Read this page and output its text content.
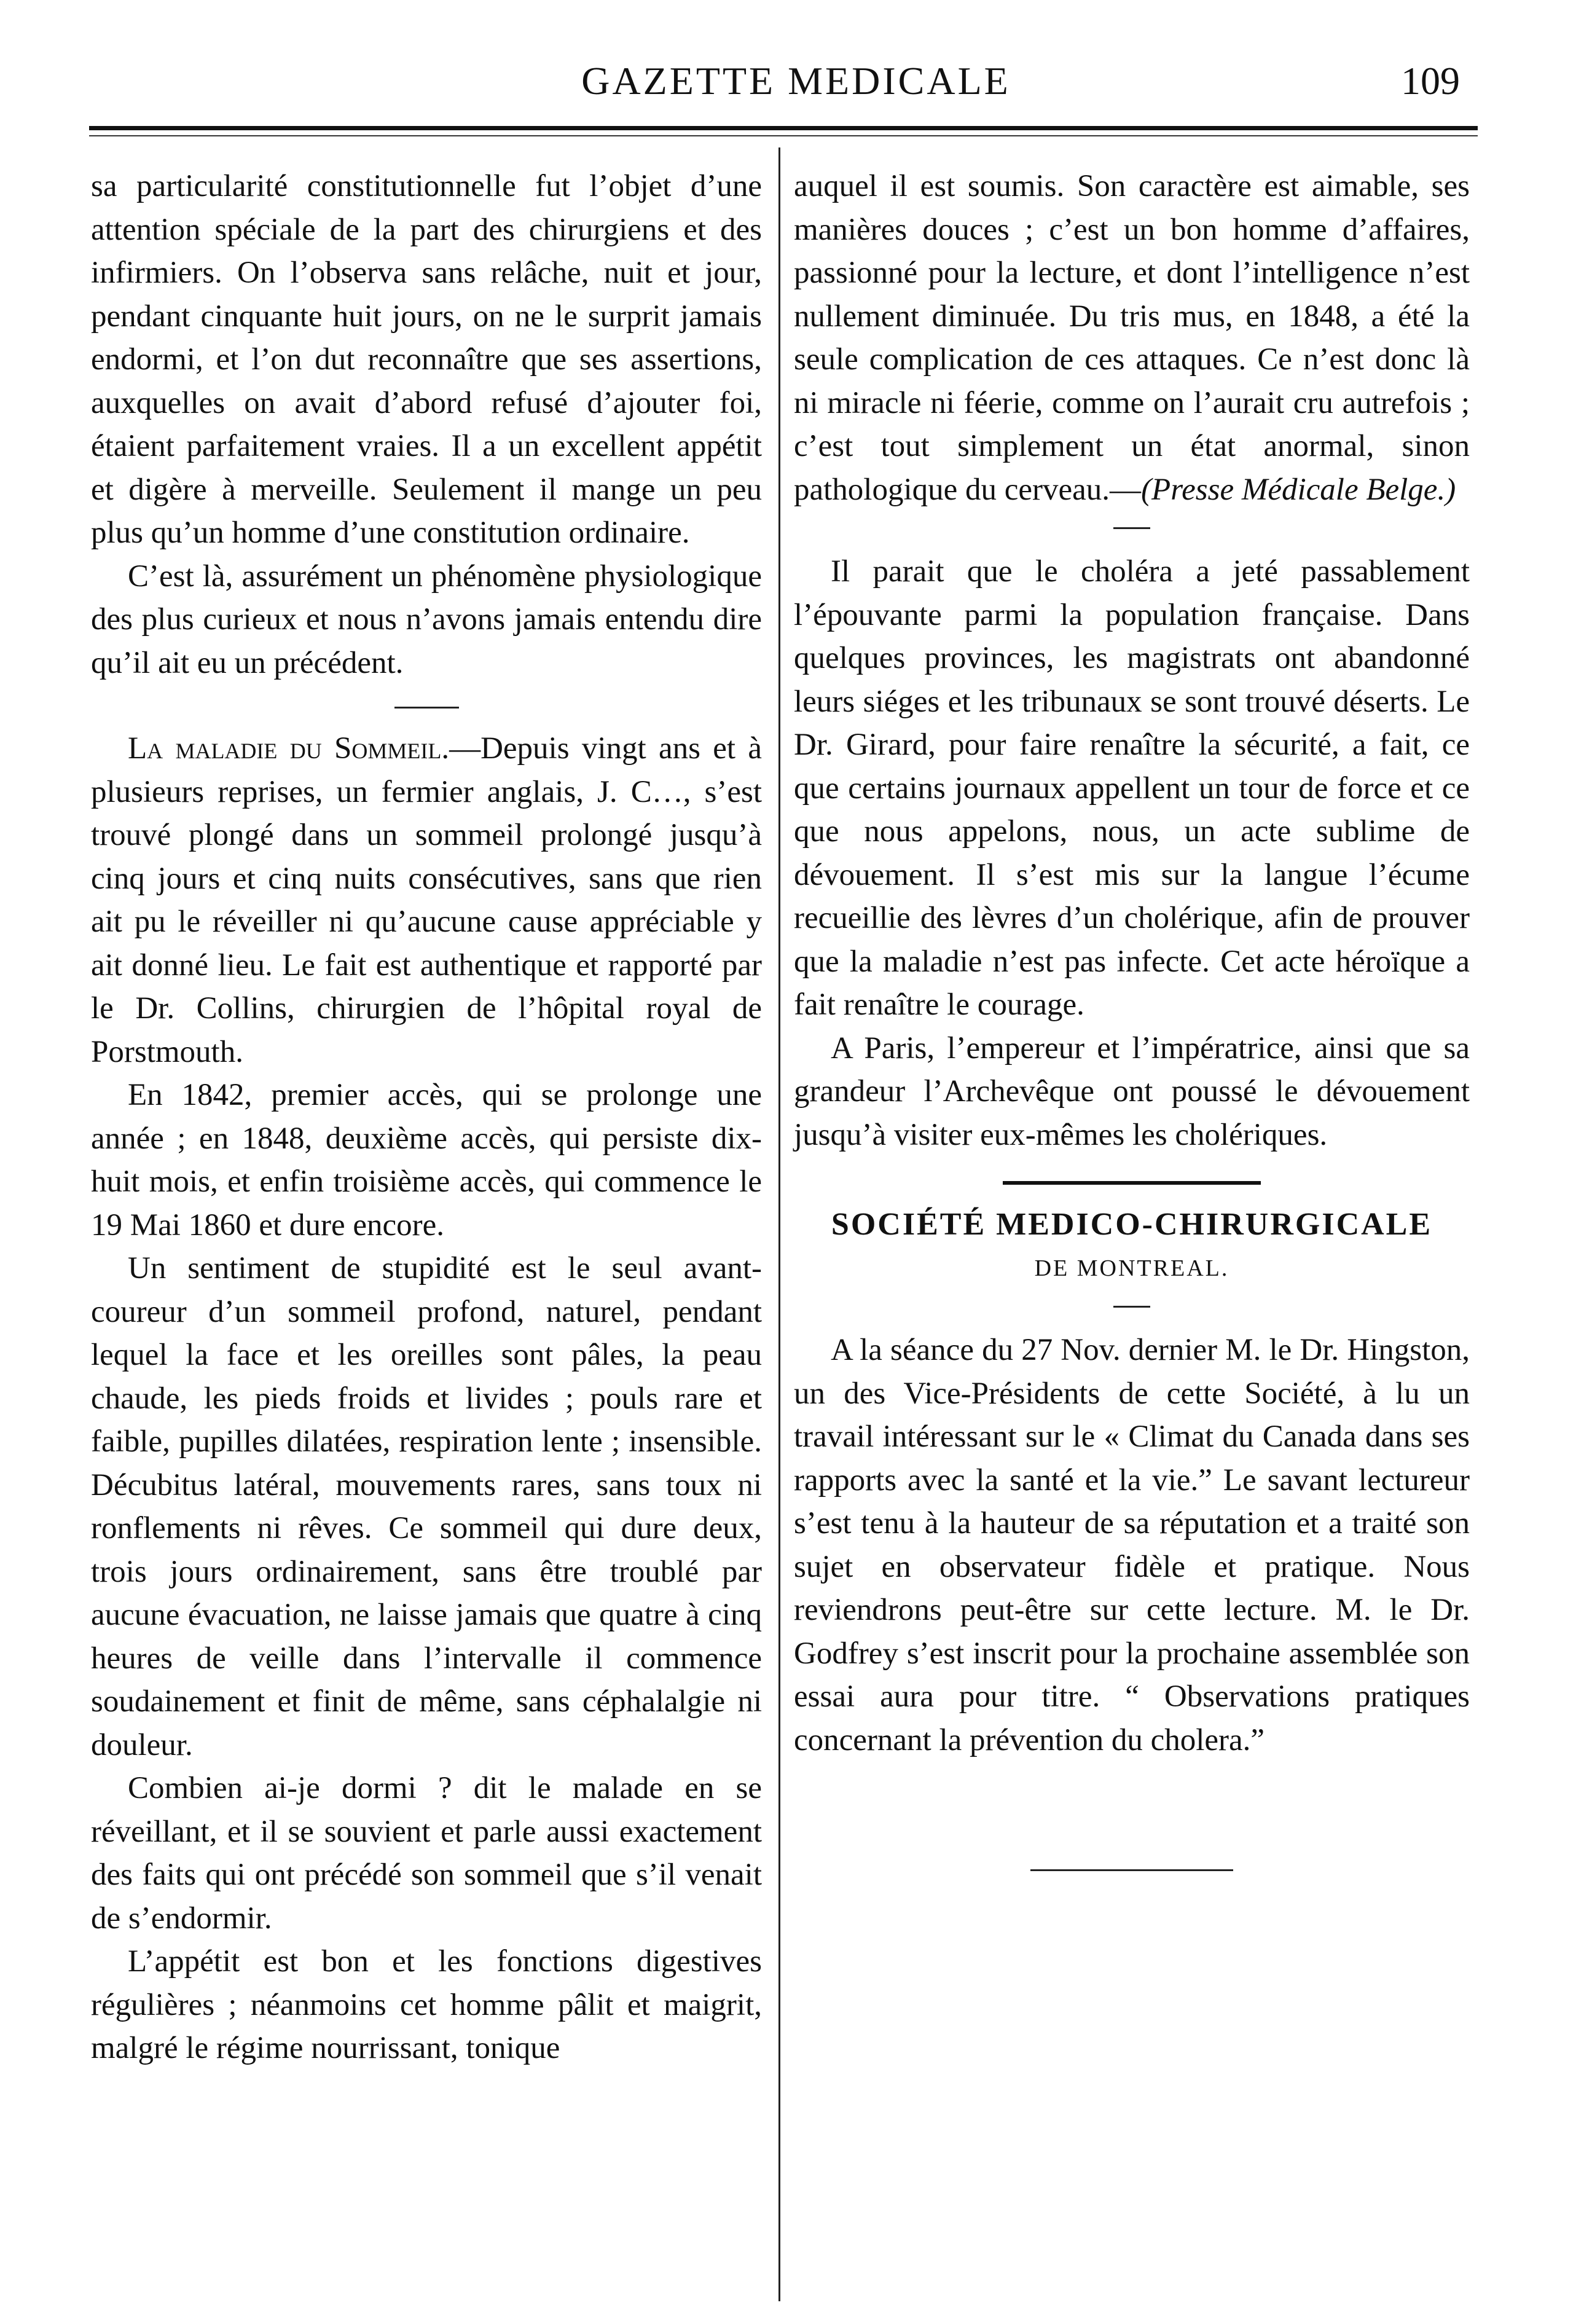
GAZETTE MEDICALE	109

sa particularité constitutionnelle fut l’objet d’une attention spéciale de la part des chirurgiens et des infirmiers. On l’observa sans relâche, nuit et jour, pendant cinquante huit jours, on ne le surprit jamais endormi, et l’on dut reconnaître que ses assertions, auxquelles on avait d’abord refusé d’ajouter foi, étaient parfaitement vraies. Il a un excellent appétit et digère à merveille. Seulement il mange un peu plus qu’un homme d’une constitution ordinaire.

C’est là, assurément un phénomène physiologique des plus curieux et nous n’avons jamais entendu dire qu’il ait eu un précédent.

La maladie du Sommeil.—Depuis vingt ans et à plusieurs reprises, un fermier anglais, J. C…, s’est trouvé plongé dans un sommeil prolongé jusqu’à cinq jours et cinq nuits consécutives, sans que rien ait pu le réveiller ni qu’aucune cause appréciable y ait donné lieu. Le fait est authentique et rapporté par le Dr. Collins, chirurgien de l’hôpital royal de Porstmouth.

En 1842, premier accès, qui se prolonge une année ; en 1848, deuxième accès, qui persiste dix-huit mois, et enfin troisième accès, qui commence le 19 Mai 1860 et dure encore.

Un sentiment de stupidité est le seul avant-coureur d’un sommeil profond, naturel, pendant lequel la face et les oreilles sont pâles, la peau chaude, les pieds froids et livides ; pouls rare et faible, pupilles dilatées, respiration lente ; insensible. Décubitus latéral, mouvements rares, sans toux ni ronflements ni rêves. Ce sommeil qui dure deux, trois jours ordinairement, sans être troublé par aucune évacuation, ne laisse jamais que quatre à cinq heures de veille dans l’intervalle il commence soudainement et finit de même, sans céphalalgie ni douleur.

Combien ai-je dormi ? dit le malade en se réveillant, et il se souvient et parle aussi exactement des faits qui ont précédé son sommeil que s’il venait de s’endormir.

L’appétit est bon et les fonctions digestives régulières ; néanmoins cet homme pâlit et maigrit, malgré le régime nourrissant, tonique

auquel il est soumis. Son caractère est aimable, ses manières douces ; c’est un bon homme d’affaires, passionné pour la lecture, et dont l’intelligence n’est nullement diminuée. Du tris mus, en 1848, a été la seule complication de ces attaques. Ce n’est donc là ni miracle ni féerie, comme on l’aurait cru autrefois ; c’est tout simplement un état anormal, sinon pathologique du cerveau.—(Presse Médicale Belge.)

Il parait que le choléra a jeté passablement l’épouvante parmi la population française. Dans quelques provinces, les magistrats ont abandonné leurs siéges et les tribunaux se sont trouvé déserts. Le Dr. Girard, pour faire renaître la sécurité, a fait, ce que certains journaux appellent un tour de force et ce que nous appelons, nous, un acte sublime de dévouement. Il s’est mis sur la langue l’écume recueillie des lèvres d’un cholérique, afin de prouver que la maladie n’est pas infecte. Cet acte héroïque a fait renaître le courage.

A Paris, l’empereur et l’impératrice, ainsi que sa grandeur l’Archevêque ont poussé le dévouement jusqu’à visiter eux-mêmes les cholériques.

SOCIÉTÉ MEDICO-CHIRURGICALE

DE MONTREAL.

A la séance du 27 Nov. dernier M. le Dr. Hingston, un des Vice-Présidents de cette Société, à lu un travail intéressant sur le « Climat du Canada dans ses rapports avec la santé et la vie.” Le savant lectureur s’est tenu à la hauteur de sa réputation et a traité son sujet en observateur fidèle et pratique. Nous reviendrons peut-être sur cette lecture. M. le Dr. Godfrey s’est inscrit pour la prochaine assemblée son essai aura pour titre. “ Observations pratiques concernant la prévention du cholera.”
